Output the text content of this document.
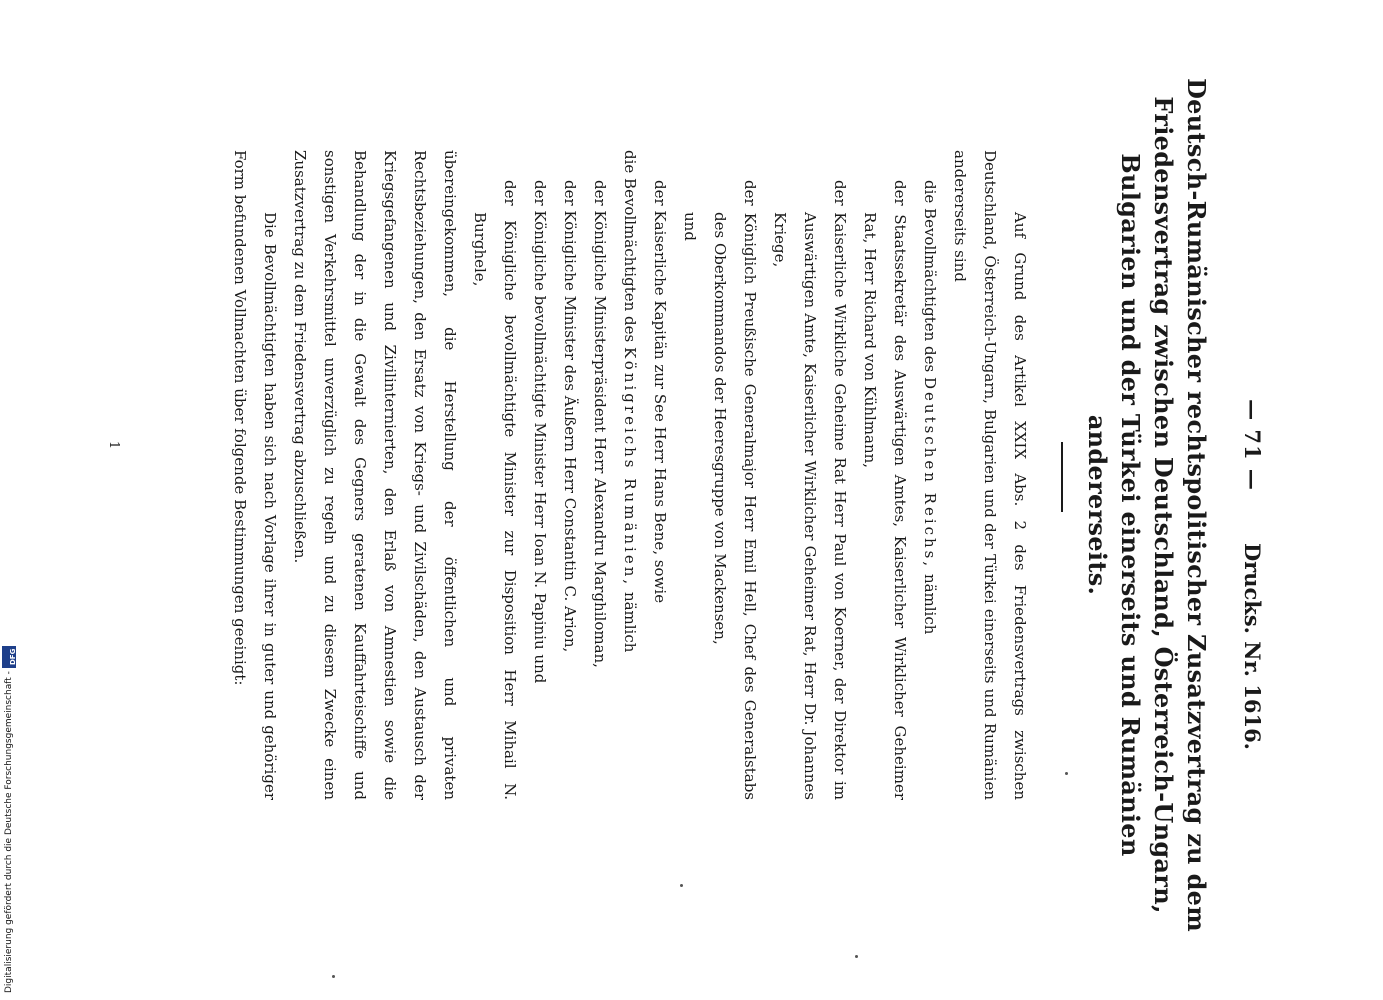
— 71 —
Drucks. Nr. 1616.
Deutsch-Rumänischer rechtspolitischer Zusatzvertrag zu dem Friedensvertrag zwischen Deutschland, Österreich-Ungarn, Bulgarien und der Türkei einerseits und Rumänien andererseits.

Auf Grund des Artikel XXIX Abs. 2 des Friedensvertrags zwischen Deutschland, Österreich-Ungarn, Bulgarien und der Türkei einerseits und Rumänien andererseits sind

die Bevollmächtigten des Deutschen Reichs, nämlich

der Staatssekretär des Auswärtigen Amtes, Kaiserlicher Wirklicher Geheimer Rat, Herr Richard von Kühlmann,

der Kaiserliche Wirkliche Geheime Rat Herr Paul von Koerner, der Direktor im Auswärtigen Amte, Kaiserlicher Wirklicher Geheimer Rat, Herr Dr. Johannes Kriege,

der Königlich Preußische Generalmajor Herr Emil Hell, Chef des Generalstabs des Oberkommandos der Heeresgruppe von Mackensen,

und

der Kaiserliche Kapitän zur See Herr Hans Bene, sowie

die Bevollmächtigten des Königreichs Rumänien, nämlich

der Königliche Ministerpräsident Herr Alexandru Marghiloman,

der Königliche Minister des Äußern Herr Constantin C. Arion,

der Königliche bevollmächtigte Minister Herr Ioan N. Papiniu und

der Königliche bevollmächtigte Minister zur Disposition Herr Mihail N. Burghele,

übereingekommen, die Herstellung der öffentlichen und privaten Rechtsbeziehungen, den Ersatz von Kriegs- und Zivilschäden, den Austausch der Kriegsgefangenen und Zivilinternierten, den Erlaß von Amnestien sowie die Behandlung der in die Gewalt des Gegners geratenen Kauffahrteischiffe und sonstigen Verkehrsmittel unverzüglich zu regeln und zu diesem Zwecke einen Zusatzvertrag zu dem Friedensvertrag abzuschließen.

Die Bevollmächtigten haben sich nach Vorlage ihrer in guter und gehöriger Form befundenen Vollmachten über folgende Bestimmungen geeinigt:

1
Digitalisierung gefördert durch die Deutsche Forschungsgemeinschaft -
DFG
